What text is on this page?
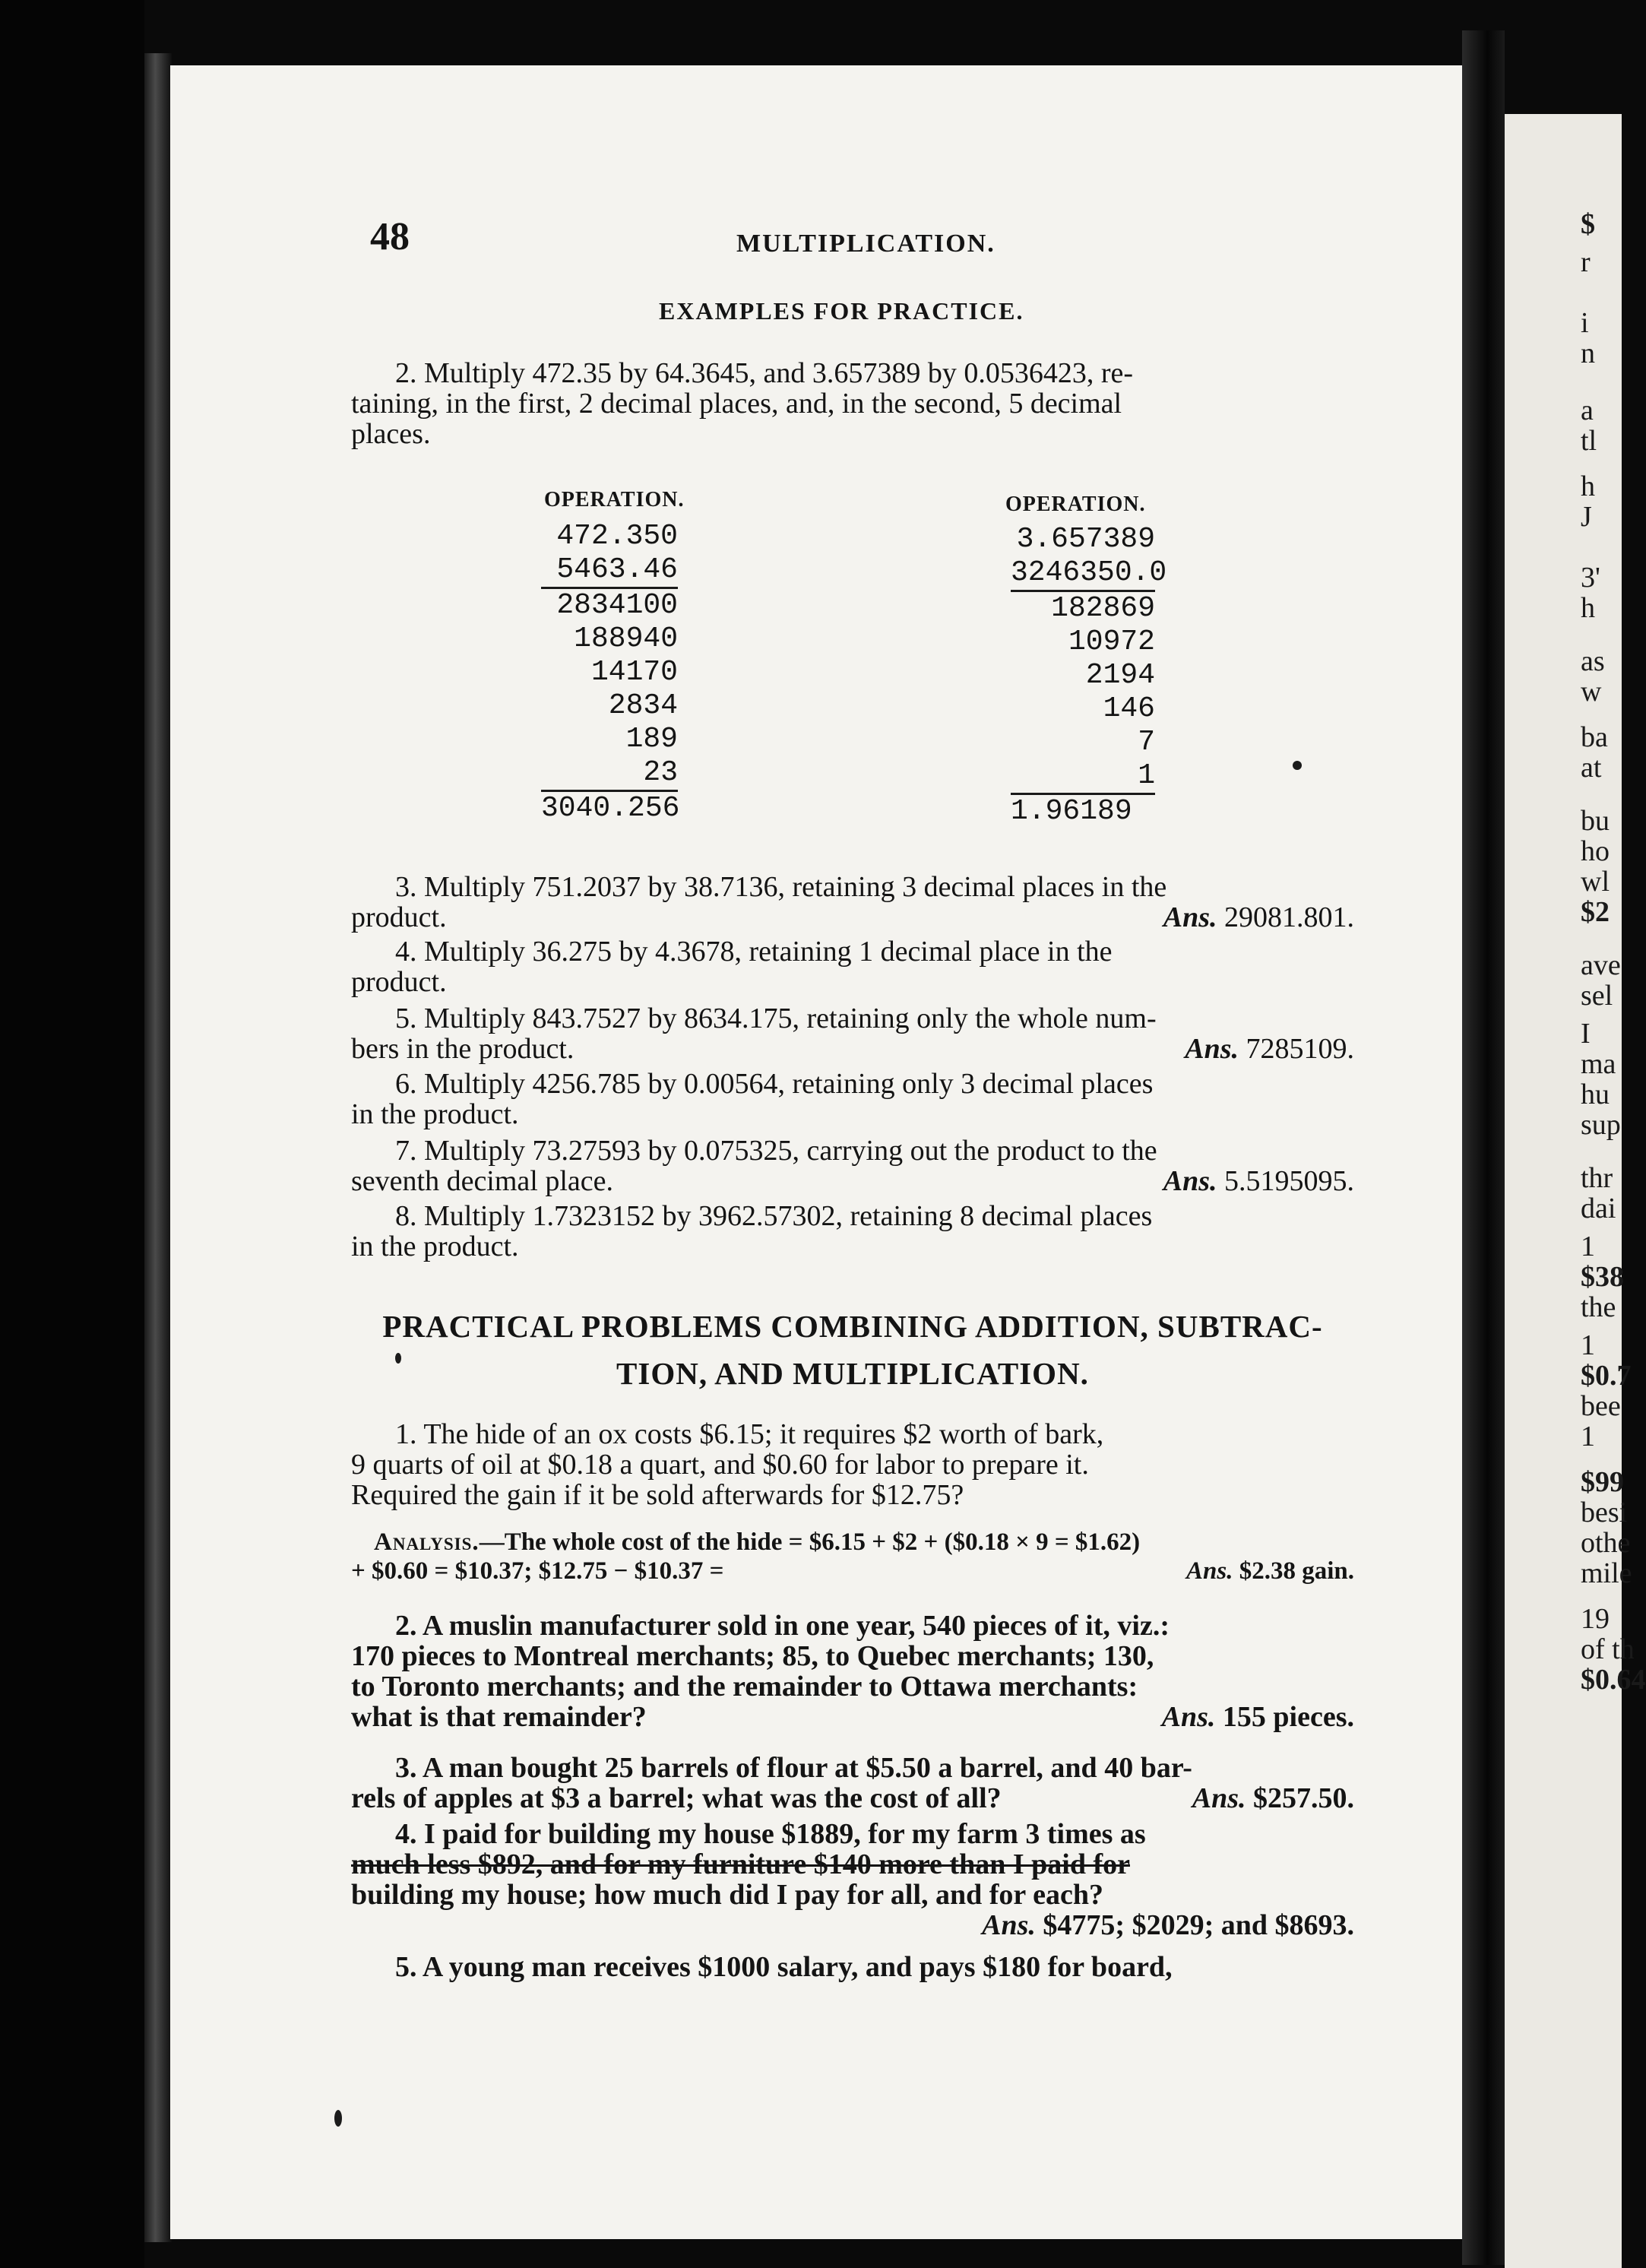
48	MULTIPLICATION.
EXAMPLES FOR PRACTICE.
2. Multiply 472.35 by 64.3645, and 3.657389 by 0.0536423, re-
taining, in the first, 2 decimal places, and, in the second, 5 decimal
places.
OPERATION.	OPERATION.
472.350
5463.46
2834100
188940
14170
2834
189
23
3040.256
3.657389
3246350.0
182869
10972
2194
146
7
1
1.96189
3. Multiply 751.2037 by 38.7136, retaining 3 decimal places in the
product.	Ans. 29081.801.
4. Multiply 36.275 by 4.3678, retaining 1 decimal place in the
product.
5. Multiply 843.7527 by 8634.175, retaining only the whole num-
bers in the product.	Ans. 7285109.
6. Multiply 4256.785 by 0.00564, retaining only 3 decimal places
in the product.
7. Multiply 73.27593 by 0.075325, carrying out the product to the
seventh decimal place.	Ans. 5.5195095.
8. Multiply 1.7323152 by 3962.57302, retaining 8 decimal places
in the product.
PRACTICAL PROBLEMS COMBINING ADDITION, SUBTRAC-
TION, AND MULTIPLICATION.
1. The hide of an ox costs $6.15; it requires $2 worth of bark,
9 quarts of oil at $0.18 a quart, and $0.60 for labor to prepare it.
Required the gain if it be sold afterwards for $12.75?
Analysis. —The whole cost of the hide = $6.15 + $2 + ($0.18 × 9 = $1.62)
+ $0.60 = $10.37; $12.75 − $10.37 =	Ans. $2.38 gain.
2. A muslin manufacturer sold in one year, 540 pieces of it, viz.:
170 pieces to Montreal merchants; 85, to Quebec merchants; 130,
to Toronto merchants; and the remainder to Ottawa merchants:
what is that remainder?	Ans. 155 pieces.
3. A man bought 25 barrels of flour at $5.50 a barrel, and 40 bar-
rels of apples at $3 a barrel; what was the cost of all?	Ans. $257.50.
4. I paid for building my house $1889, for my farm 3 times as
much less $892, and for my furniture $140 more than I paid for
building my house; how much did I pay for all, and for each?
Ans. $4775; $2029; and $8693.
5. A young man receives $1000 salary, and pays $180 for board,
$
r
i
n
a
tl
h
J
3'
h
as
w
ba
at
bu
ho
wl
$2
ave
sel
I
ma
hu
sup
thr
dai
1
$38
the
1
$0.7
bee
1
$99
besi
othe
mile
19
of th
$0.64
